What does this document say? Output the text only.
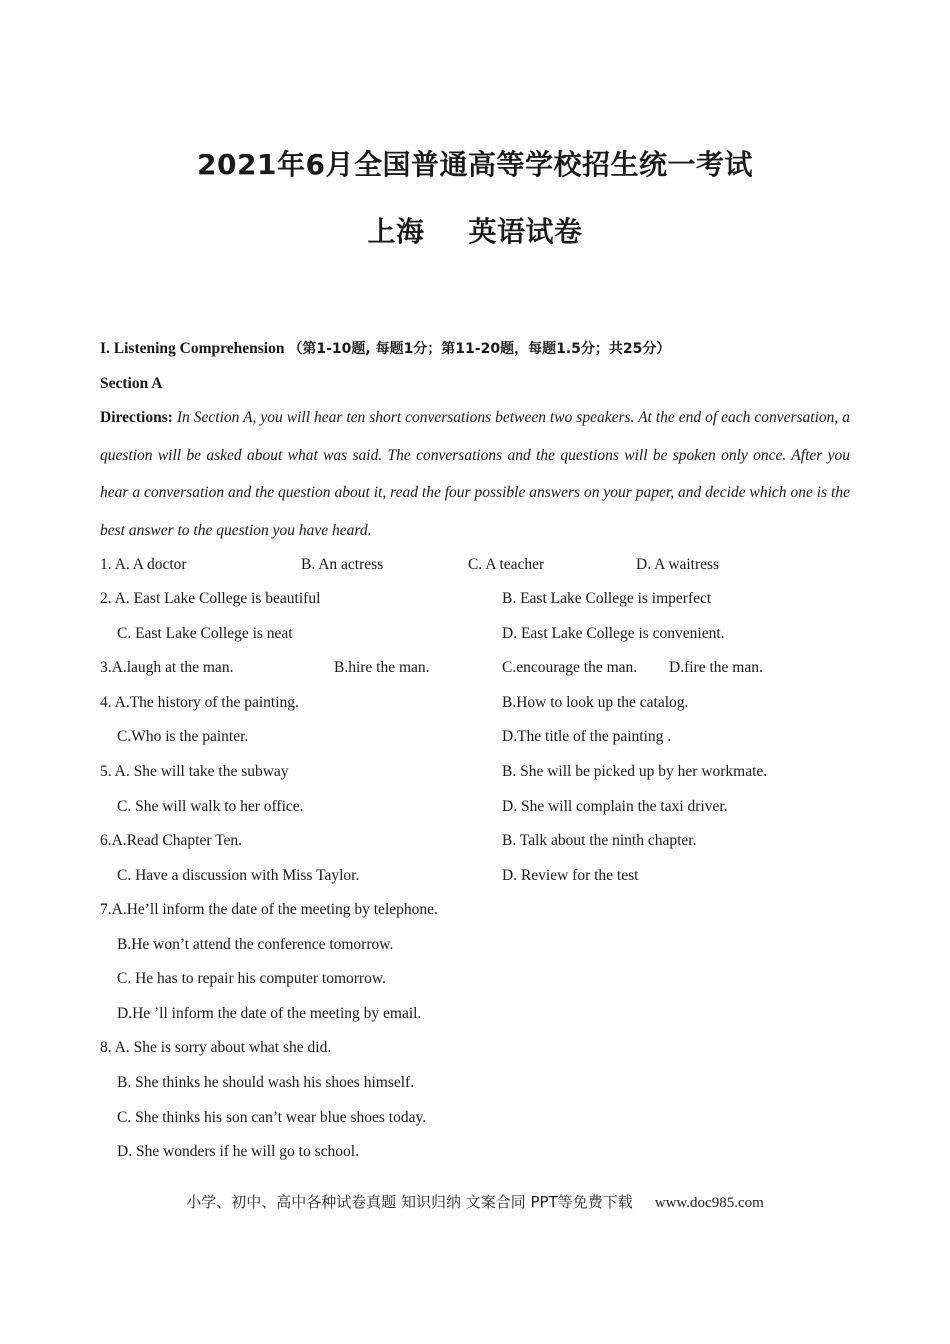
2021年6月全国普通高等学校招生统一考试
上海 英语试卷
I. Listening Comprehension （第1-10题, 每题1分；第11-20题，每题1.5分；共25分）
Section A
Directions: In Section A, you will hear ten short conversations between two speakers. At the end of each conversation, a question will be asked about what was said. The conversations and the questions will be spoken only once. After you hear a conversation and the question about it, read the four possible answers on your paper, and decide which one is the best answer to the question you have heard.
1. A. A doctor	B. An actress	C. A teacher	D. A waitress
2. A. East Lake College is beautiful	B. East Lake College is imperfect
C. East Lake College is neat	D. East Lake College is convenient.
3.A.laugh at the man.	B.hire the man.	C.encourage the man. D.fire the man.
4. A.The history of the painting.	B.How to look up the catalog.
C.Who is the painter.	D.The title of the painting .
5. A. She will take the subway	B. She will be picked up by her workmate.
C. She will walk to her office.	D. She will complain the taxi driver.
6.A.Read Chapter Ten.	B. Talk about the ninth chapter.
C. Have a discussion with Miss Taylor.	D. Review for the test
7.A.He’ll inform the date of the meeting by telephone.
B.He won’t attend the conference tomorrow.
C. He has to repair his computer tomorrow.
D.He ’ll inform the date of the meeting by email.
8. A. She is sorry about what she did.
B. She thinks he should wash his shoes himself.
C. She thinks his son can’t wear blue shoes today.
D. She wonders if he will go to school.
小学、初中、高中各种试卷真题 知识归纳 文案合同 PPT等免费下载 www.doc985.com
